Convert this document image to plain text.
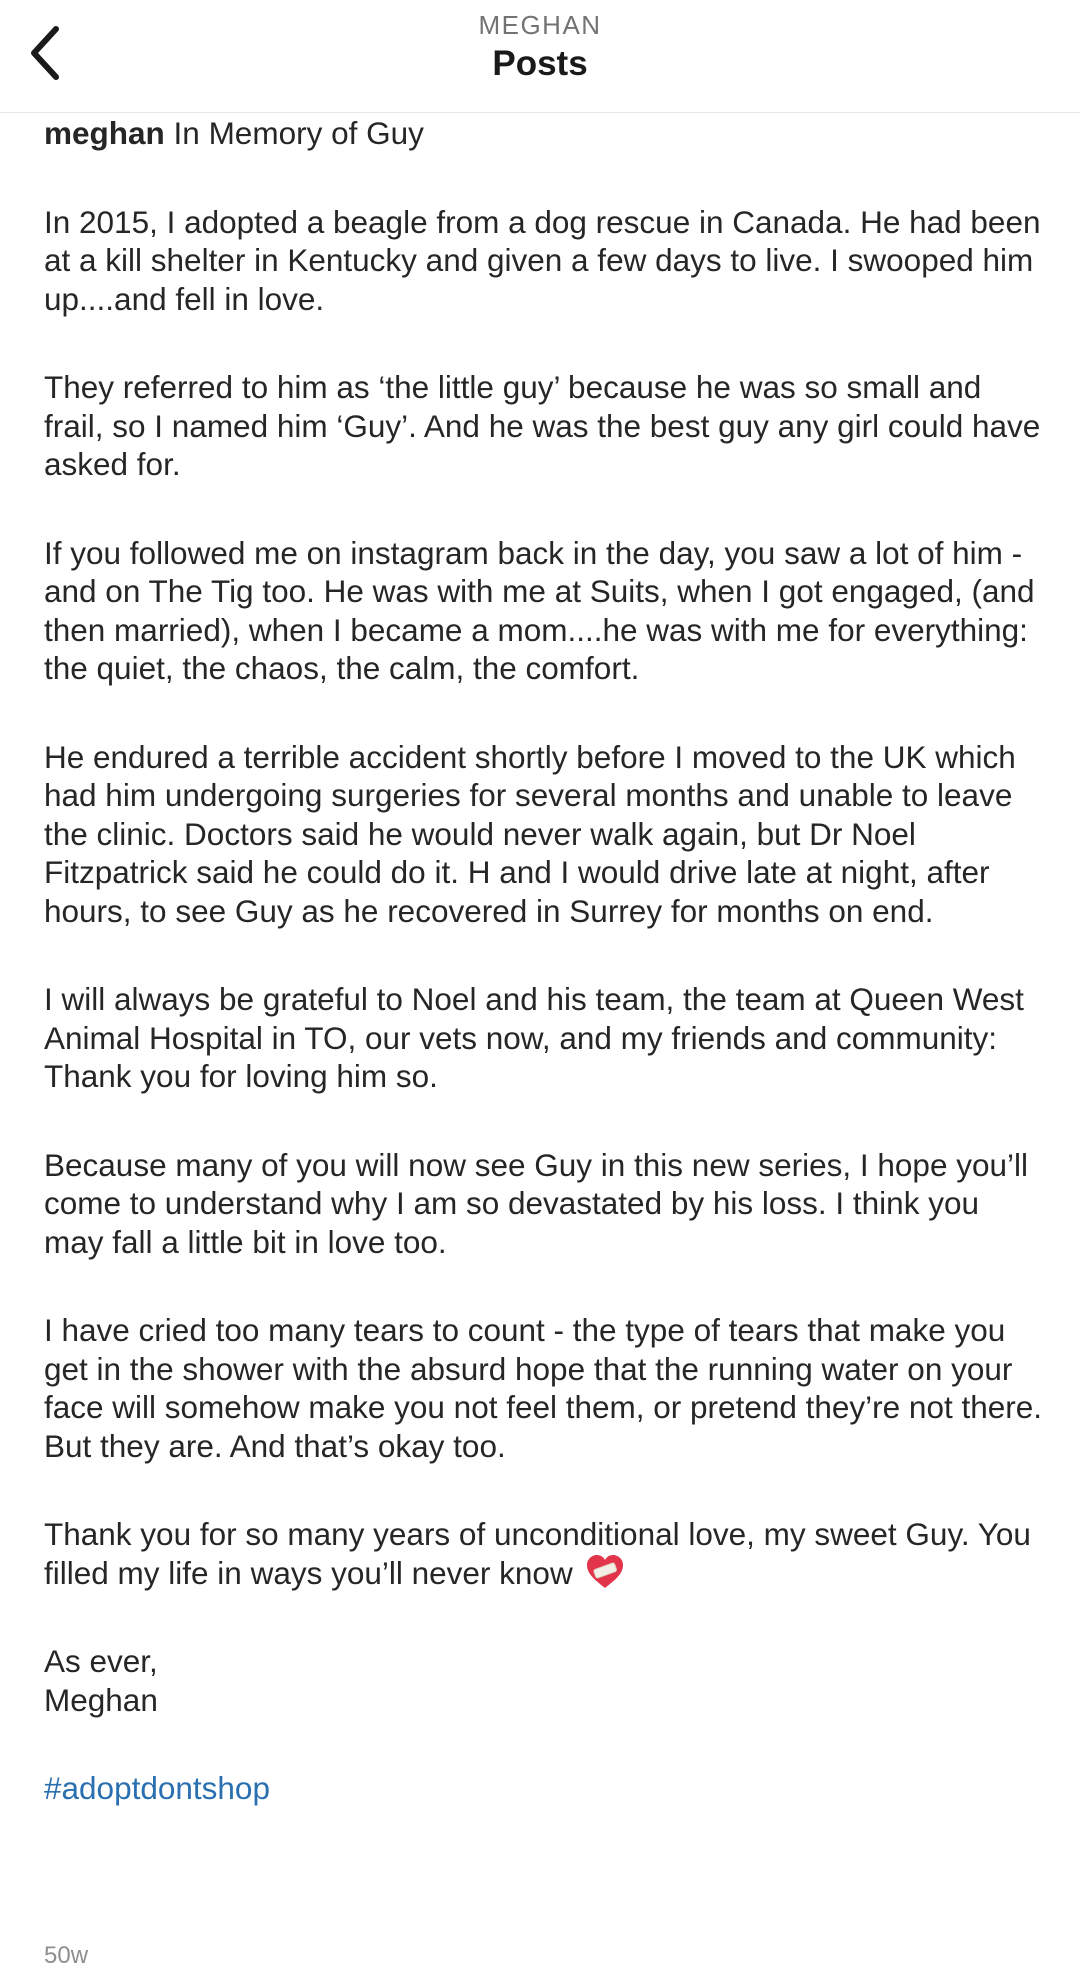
MEGHAN
Posts
meghan In Memory of Guy

In 2015, I adopted a beagle from a dog rescue in Canada. He had been at a kill shelter in Kentucky and given a few days to live. I swooped him up....and fell in love.

They referred to him as ‘the little guy’ because he was so small and frail, so I named him ‘Guy’. And he was the best guy any girl could have asked for.

If you followed me on instagram back in the day, you saw a lot of him - and on The Tig too. He was with me at Suits, when I got engaged, (and then married), when I became a mom....he was with me for everything: the quiet, the chaos, the calm, the comfort.

He endured a terrible accident shortly before I moved to the UK which had him undergoing surgeries for several months and unable to leave the clinic. Doctors said he would never walk again, but Dr Noel Fitzpatrick said he could do it. H and I would drive late at night, after hours, to see Guy as he recovered in Surrey for months on end.

I will always be grateful to Noel and his team, the team at Queen West Animal Hospital in TO, our vets now, and my friends and community: Thank you for loving him so.

Because many of you will now see Guy in this new series, I hope you’ll come to understand why I am so devastated by his loss. I think you may fall a little bit in love too.

I have cried too many tears to count - the type of tears that make you get in the shower with the absurd hope that the running water on your face will somehow make you not feel them, or pretend they’re not there. But they are. And that’s okay too.

Thank you for so many years of unconditional love, my sweet Guy. You filled my life in ways you’ll never know

As ever,
Meghan
#adoptdontshop
50w
